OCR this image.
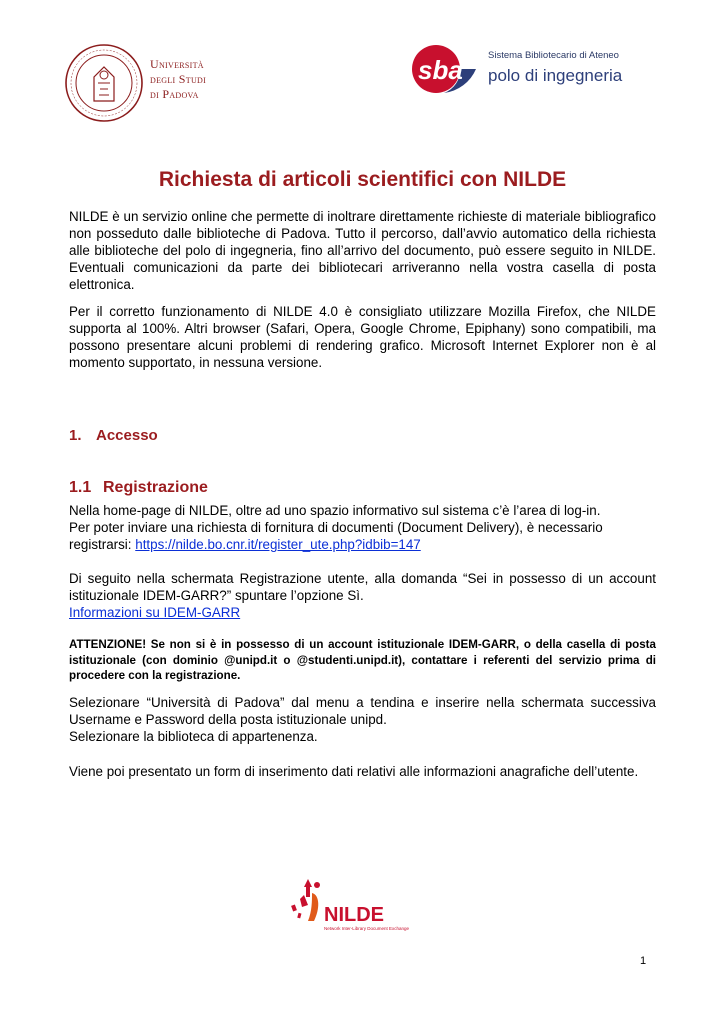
Università
degli Studi
di Padova
sba	Sistema Bibliotecario di Ateneo
polo di ingegneria
Richiesta di articoli scientifici con NILDE

NILDE è un servizio online che permette di inoltrare direttamente richieste di materiale bibliografico non posseduto dalle biblioteche di Padova. Tutto il percorso, dall’avvio automatico della richiesta alle biblioteche del polo di ingegneria, fino all’arrivo del documento, può essere seguito in NILDE. Eventuali comunicazioni da parte dei bibliotecari arriveranno nella vostra casella di posta elettronica.

Per il corretto funzionamento di NILDE 4.0 è consigliato utilizzare Mozilla Firefox, che NILDE supporta al 100%. Altri browser (Safari, Opera, Google Chrome, Epiphany) sono compatibili, ma possono presentare alcuni problemi di rendering grafico. Microsoft Internet Explorer non è al momento supportato, in nessuna versione.

1. Accesso
1.1 Registrazione

Nella home-page di NILDE, oltre ad uno spazio informativo sul sistema c’è l’area di log-in.
Per poter inviare una richiesta di fornitura di documenti (Document Delivery), è necessario registrarsi: https://nilde.bo.cnr.it/register_ute.php?idbib=147

Di seguito nella schermata Registrazione utente, alla domanda “Sei in possesso di un account istituzionale IDEM-GARR?” spuntare l’opzione Sì.
Informazioni su IDEM-GARR

ATTENZIONE! Se non si è in possesso di un account istituzionale IDEM-GARR, o della casella di posta istituzionale (con dominio @unipd.it o @studenti.unipd.it), contattare i referenti del servizio prima di procedere con la registrazione.

Selezionare “Università di Padova” dal menu a tendina e inserire nella schermata successiva Username e Password della posta istituzionale unipd.
Selezionare la biblioteca di appartenenza.

Viene poi presentato un form di inserimento dati relativi alle informazioni anagrafiche dell’utente.

NILDE
Network Inter-Library Document Exchange
1
